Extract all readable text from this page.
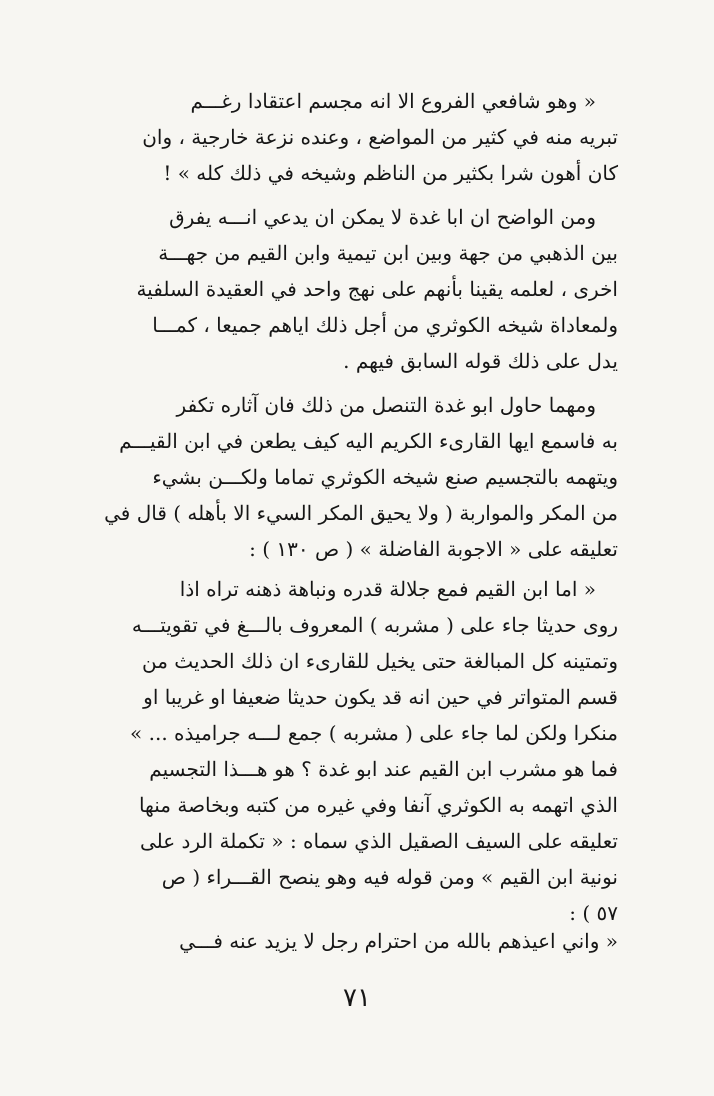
« وهو شافعي الفروع الا انه مجسم اعتقادا رغـــم

تبريه منه في كثير من المواضع ، وعنده نزعة خارجية ، وان

كان أهون شرا بكثير من الناظم وشيخه في ذلك كله » !

ومن الواضح ان ابا غدة لا يمكن ان يدعي انـــه يفرق

بين الذهبي من جهة وبين ابن تيمية وابن القيم من جهـــة

اخرى ، لعلمه يقينا بأنهم على نهج واحد في العقيدة السلفية

ولمعاداة شيخه الكوثري من أجل ذلك اياهم جميعا ، كمـــا

يدل على ذلك قوله السابق فيهم .

ومهما حاول ابو غدة التنصل من ذلك فان آثاره تكفر

به فاسمع ايها القارىء الكريم اليه كيف يطعن في ابن القيـــم

ويتهمه بالتجسيم صنع شيخه الكوثري تماما ولكـــن بشيء

من المكر والمواربة ( ولا يحيق المكر السيء الا بأهله ) قال في

تعليقه على « الاجوبة الفاضلة » ( ص ١٣٠ ) :

« اما ابن القيم فمع جلالة قدره ونباهة ذهنه تراه اذا

روى حديثا جاء على ( مشربه ) المعروف بالـــغ في تقويتـــه

وتمتينه كل المبالغة حتى يخيل للقارىء ان ذلك الحديث من

قسم المتواتر في حين انه قد يكون حديثا ضعيفا او غريبا او

منكرا ولكن لما جاء على ( مشربه ) جمع لـــه جراميذه ... »

فما هو مشرب ابن القيم عند ابو غدة ؟ هو هـــذا التجسيم

الذي اتهمه به الكوثري آنفا وفي غيره من كتبه وبخاصة منها

تعليقه على السيف الصقيل الذي سماه : « تكملة الرد على

نونية ابن القيم » ومن قوله فيه وهو ينصح القـــراء ( ص

٥٧ ) :

« واني اعيذهم بالله من احترام رجل لا يزيد عنه فـــي

٧١
